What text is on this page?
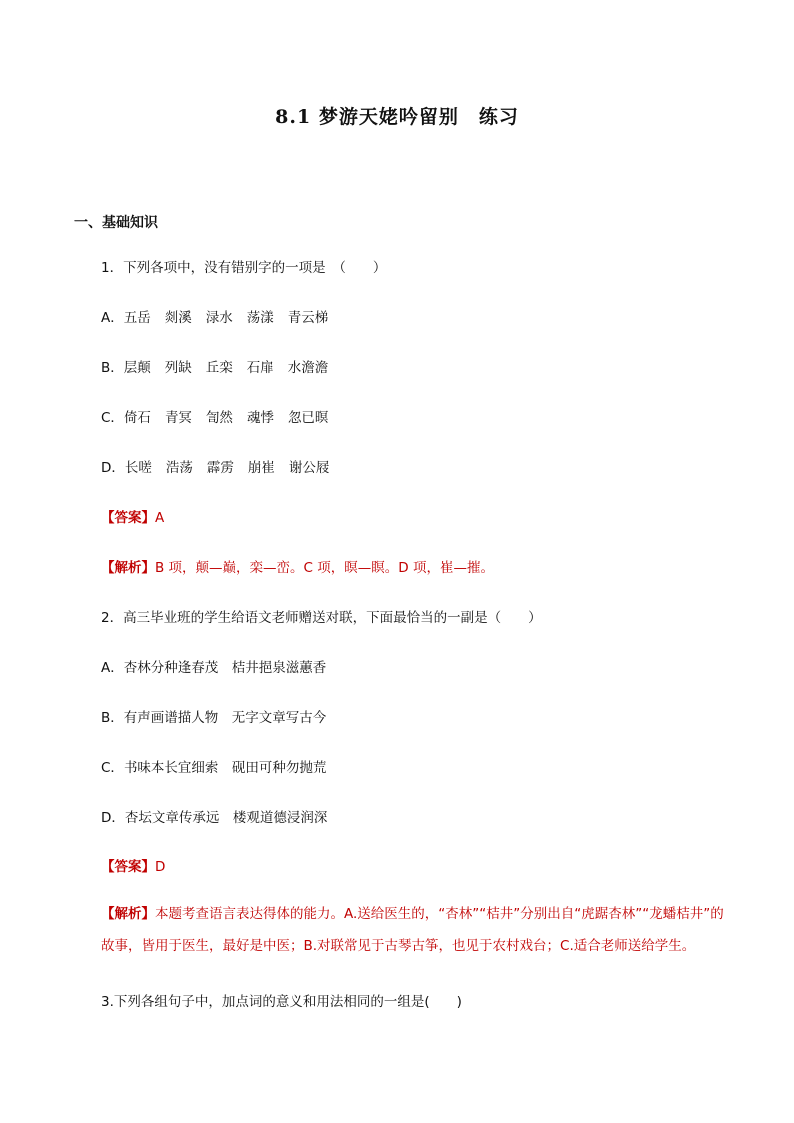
8.1 梦游天姥吟留别　练习
一、基础知识
1．下列各项中，没有错别字的一项是　（　　）
A．五岳 剡溪 渌水 荡漾 青云梯
B．层颠 列缺 丘栾 石扉 水澹澹
C．倚石 青冥 訇然 魂悸 忽已暝
D．长嗟 浩荡 霹雳 崩崔 谢公屐
【答案】A
【解析】B 项，颠—巅，栾—峦。C 项，暝—瞑。D 项，崔—摧。
2．高三毕业班的学生给语文老师赠送对联，下面最恰当的一副是（　　）
A．杏林分种逢春茂　桔井挹泉滋蕙香
B．有声画谱描人物　无字文章写古今
C．书味本长宜细索　砚田可种勿抛荒
D．杏坛文章传承远　楼观道德浸润深
【答案】D
【解析】本题考查语言表达得体的能力。A.送给医生的，“杏林”“桔井”分别出自“虎踞杏林”“龙蟠桔井”的故事，皆用于医生，最好是中医；B.对联常见于古琴古筝，也见于农村戏台；C.适合老师送给学生。
3.下列各组句子中，加点词的意义和用法相同的一组是(　　)
